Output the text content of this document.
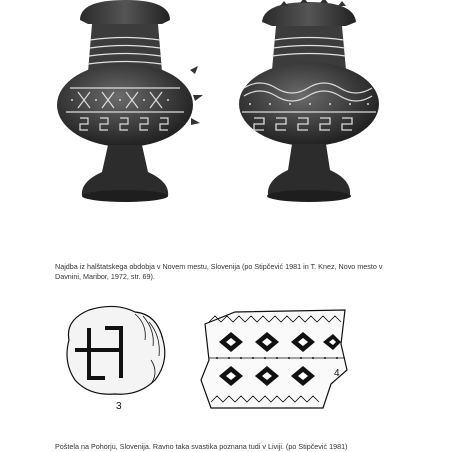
Najdba iz halštatskega obdobja v Novem mestu, Slovenija (po Stipčević 1981 in T. Knez, Novo mesto v Davnini, Maribor, 1972, str. 69).
3
4
Poštela na Pohorju, Slovenija. Ravno taka svastika poznana tudi v Liviji. (po Stipčević 1981)
